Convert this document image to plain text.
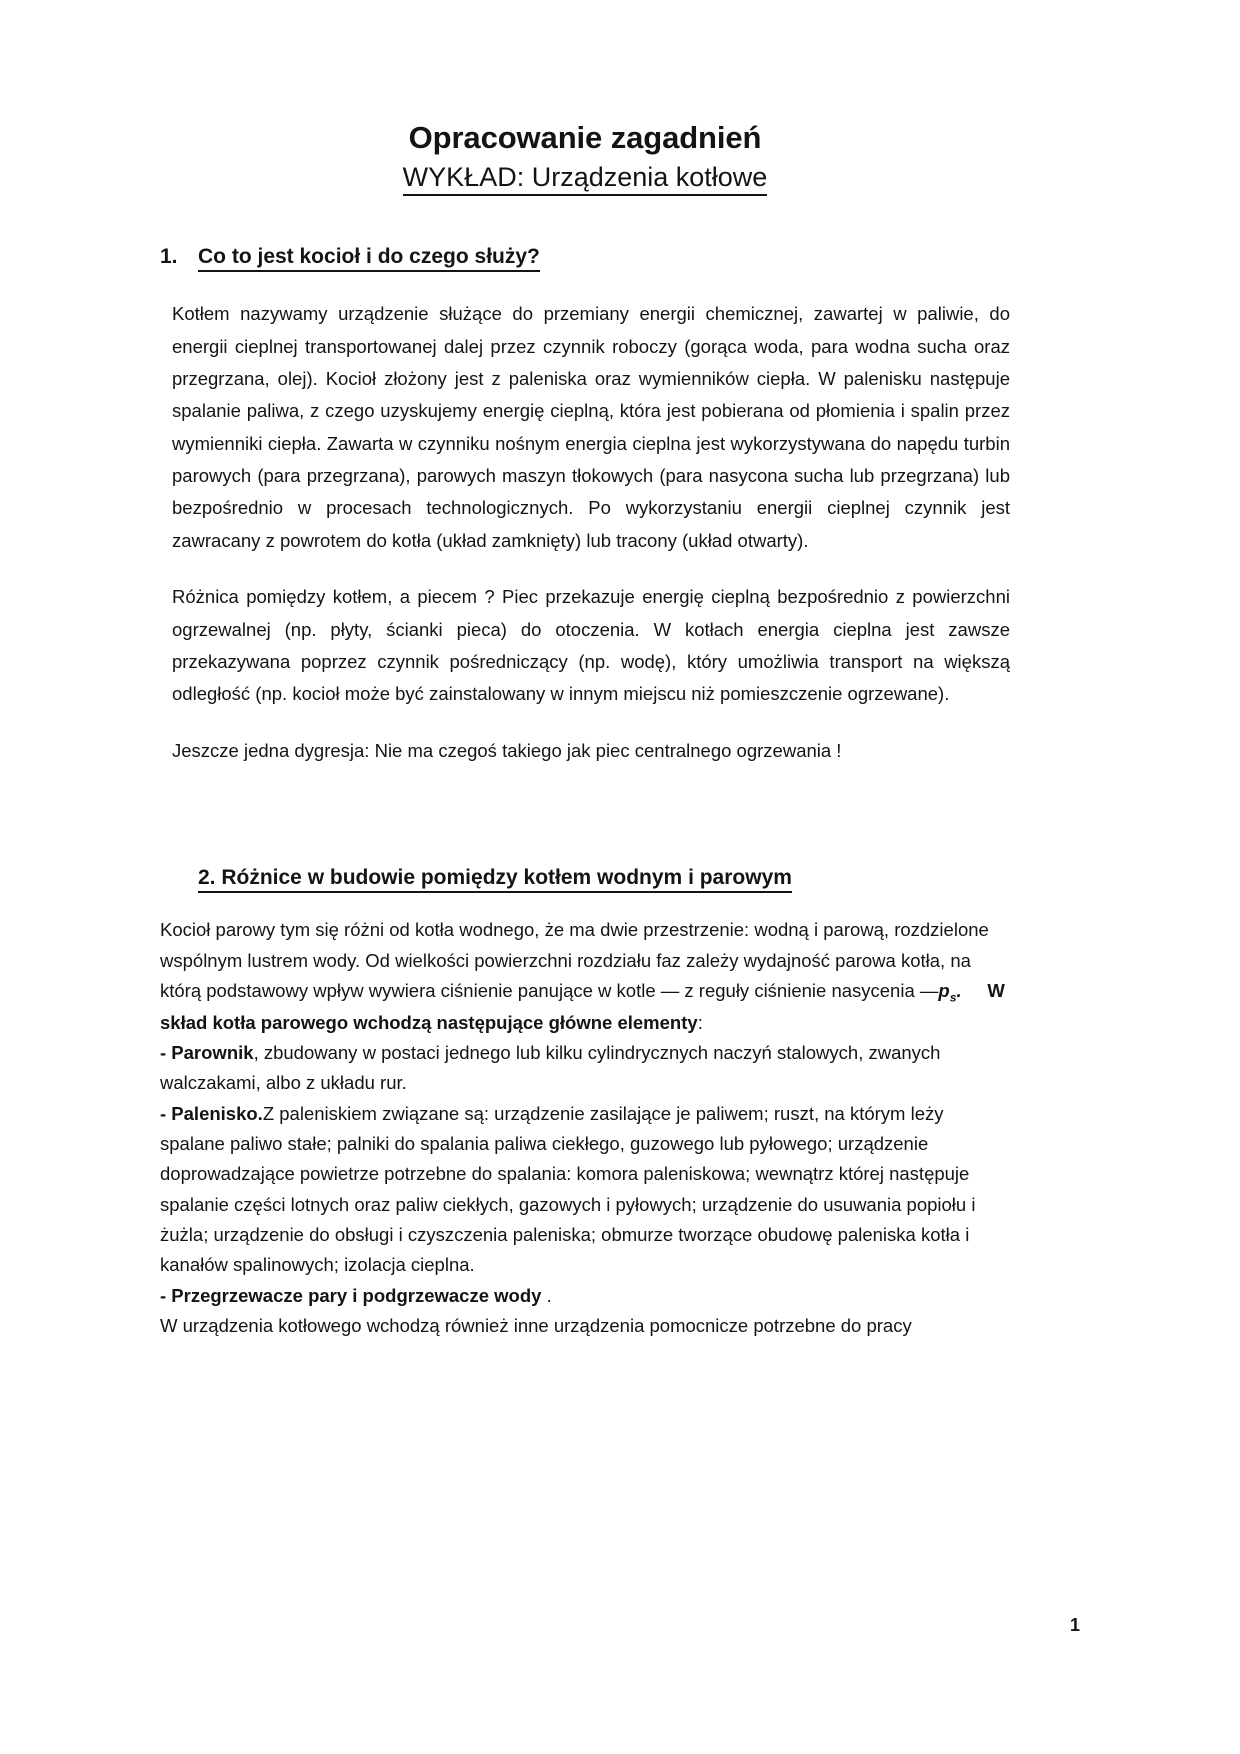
Opracowanie zagadnień
WYKŁAD: Urządzenia kotłowe
1. Co to jest kocioł i do czego służy?

Kotłem nazywamy urządzenie służące do przemiany energii chemicznej, zawartej w paliwie, do energii cieplnej transportowanej dalej przez czynnik roboczy (gorąca woda, para wodna sucha oraz przegrzana, olej). Kocioł złożony jest z paleniska oraz wymienników ciepła. W palenisku następuje spalanie paliwa, z czego uzyskujemy energię cieplną, która jest pobierana od płomienia i spalin przez wymienniki ciepła. Zawarta w czynniku nośnym energia cieplna jest wykorzystywana do napędu turbin parowych (para przegrzana), parowych maszyn tłokowych (para nasycona sucha lub przegrzana) lub bezpośrednio w procesach technologicznych. Po wykorzystaniu energii cieplnej czynnik jest zawracany z powrotem do kotła (układ zamknięty) lub tracony (układ otwarty).

Różnica pomiędzy kotłem, a piecem ? Piec przekazuje energię cieplną bezpośrednio z powierzchni ogrzewalnej (np. płyty, ścianki pieca) do otoczenia. W kotłach energia cieplna jest zawsze przekazywana poprzez czynnik pośredniczący (np. wodę), który umożliwia transport na większą odległość (np. kocioł może być zainstalowany w innym miejscu niż pomieszczenie ogrzewane).

Jeszcze jedna dygresja: Nie ma czegoś takiego jak piec centralnego ogrzewania !

2. Różnice w budowie pomiędzy kotłem wodnym i parowym

Kocioł parowy tym się różni od kotła wodnego, że ma dwie przestrzenie: wodną i parową, rozdzielone wspólnym lustrem wody. Od wielkości powierzchni rozdziału faz zależy wydajność parowa kotła, na którą podstawowy wpływ wywiera ciśnienie panujące w kotle — z reguły ciśnienie nasycenia $—p_s$. W skład kotła parowego wchodzą następujące główne elementy:

- Parownik, zbudowany w postaci jednego lub kilku cylindrycznych naczyń stalowych, zwanych walczakami, albo z układu rur.

- Palenisko.Z paleniskiem związane są: urządzenie zasilające je paliwem; ruszt, na którym leży spalane paliwo stałe; palniki do spalania paliwa ciekłego, guzowego lub pyłowego; urządzenie doprowadzające powietrze potrzebne do spalania: komora paleniskowa; wewnątrz której następuje spalanie części lotnych oraz paliw ciekłych, gazowych i pyłowych; urządzenie do usuwania popiołu i żużla; urządzenie do obsługi i czyszczenia paleniska; obmurze tworzące obudowę paleniska kotła i kanałów spalinowych; izolacja cieplna.

- Przegrzewacze pary i podgrzewacze wody .

W urządzenia kotłowego wchodzą również inne urządzenia pomocnicze potrzebne do pracy

1
